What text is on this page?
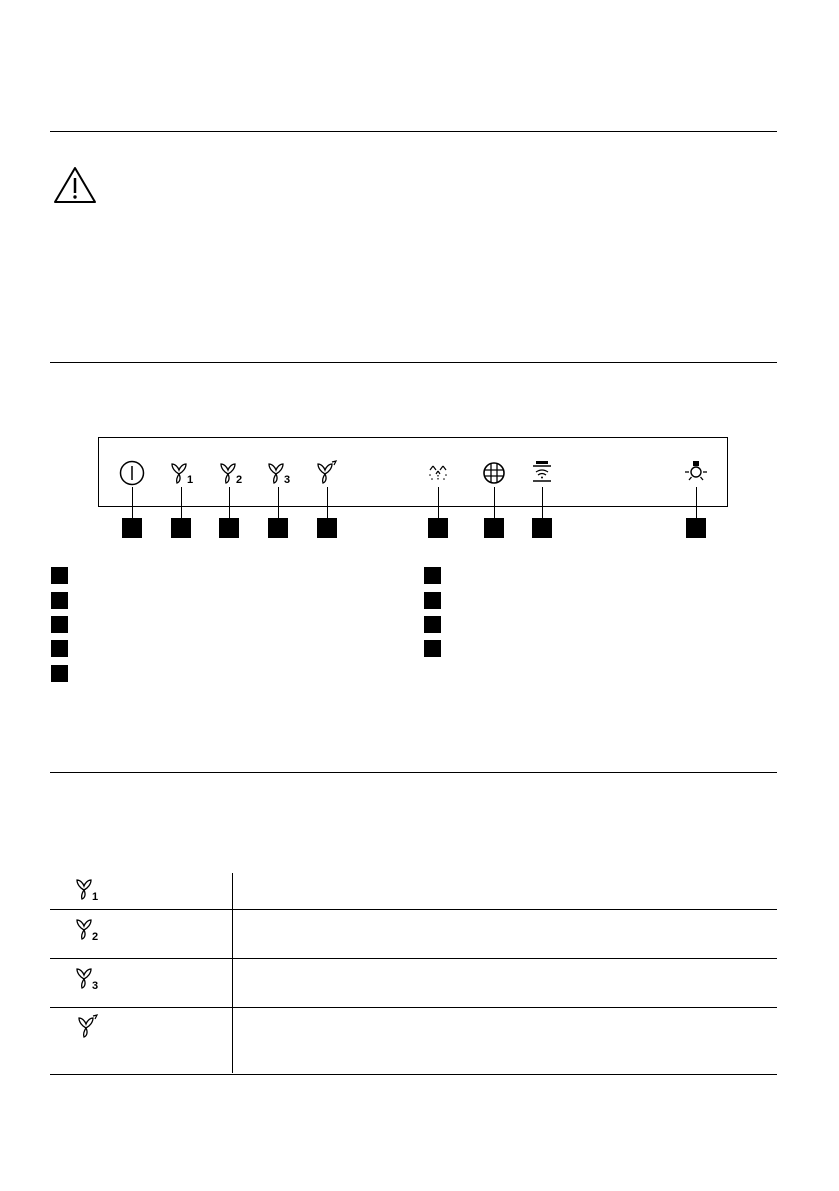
1	2	3
1
2
3
